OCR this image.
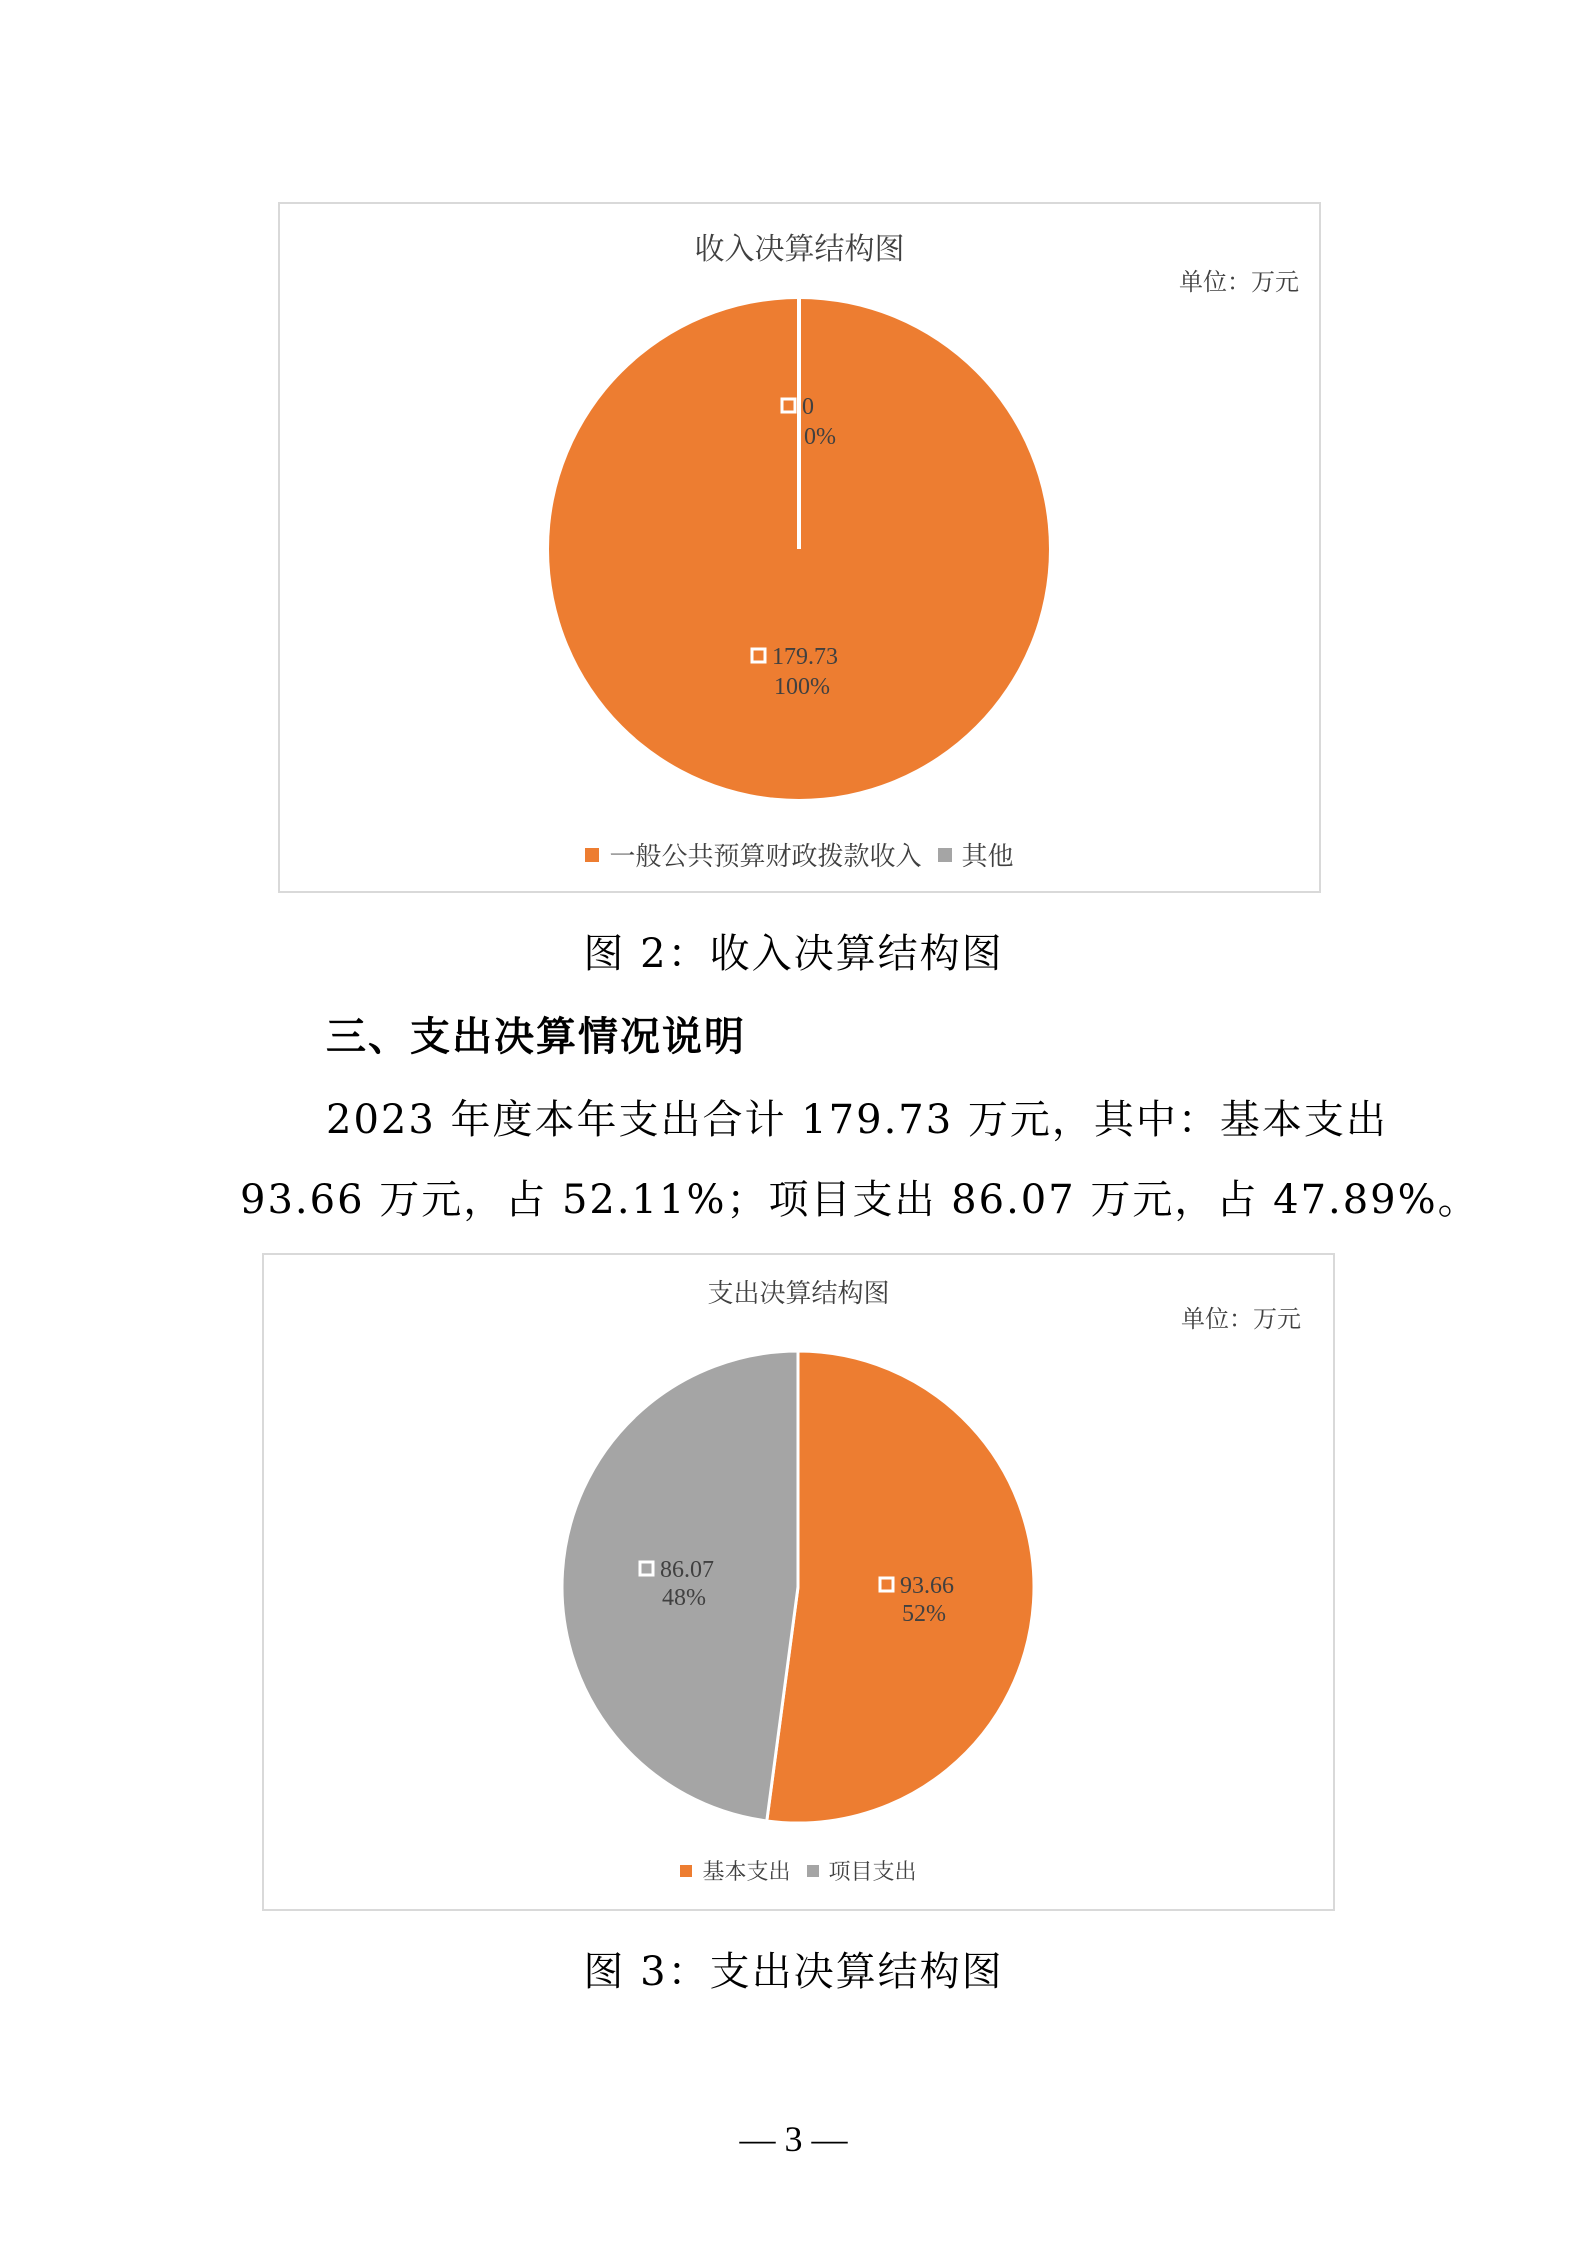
收入决算结构图
单位：万元
179.73
100%
0
0%
一般公共预算财政拨款收入 其他
图 2：收入决算结构图
三、支出决算情况说明
2023 年度本年支出合计 179.73 万元，其中：基本支出
93.66 万元，占 52.11%；项目支出 86.07 万元，占 47.89%。
支出决算结构图
单位：万元
93.66
52%
86.07
48%
基本支出 项目支出
图 3：支出决算结构图
— 3 —
